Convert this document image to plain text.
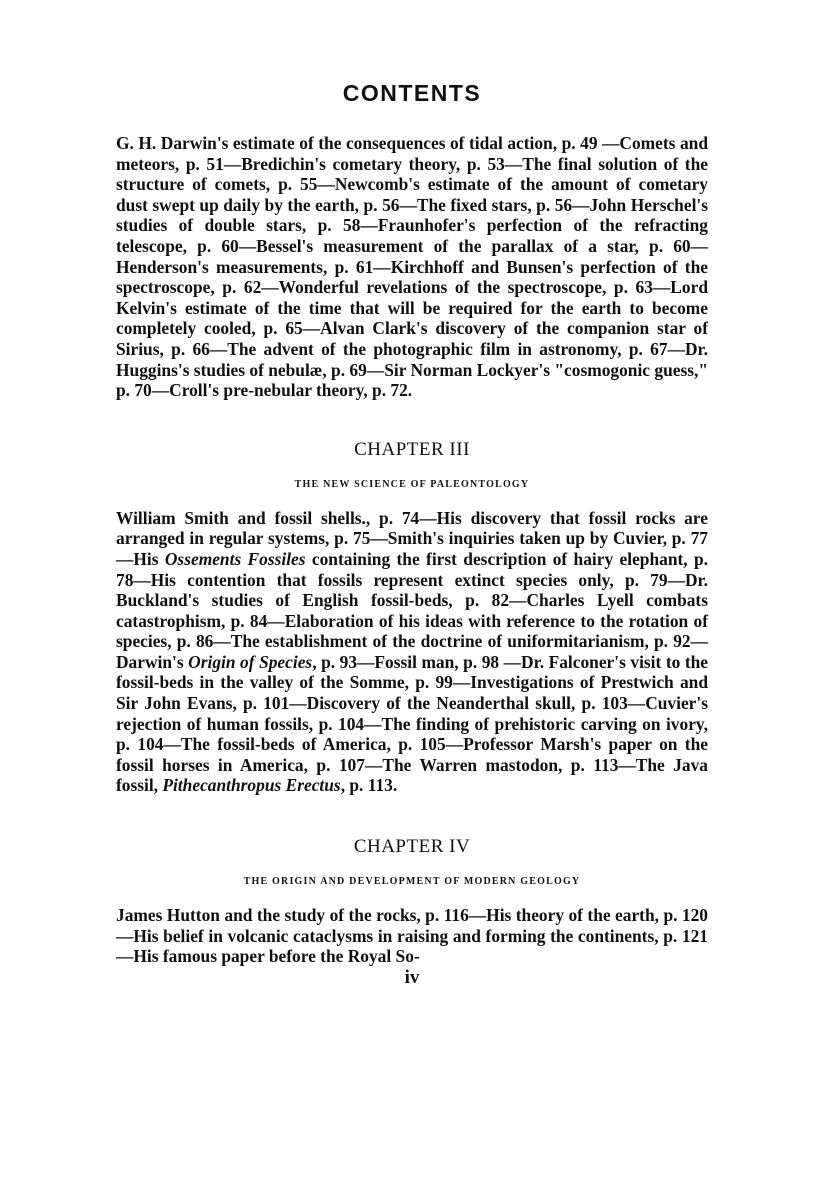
CONTENTS

G. H. Darwin's estimate of the consequences of tidal action, p. 49 —Comets and meteors, p. 51—Bredichin's cometary theory, p. 53—The final solution of the structure of comets, p. 55—Newcomb's estimate of the amount of cometary dust swept up daily by the earth, p. 56—The fixed stars, p. 56—John Herschel's studies of double stars, p. 58—Fraunhofer's perfection of the refracting telescope, p. 60—Bessel's measurement of the parallax of a star, p. 60—Henderson's measurements, p. 61—Kirchhoff and Bunsen's perfection of the spectroscope, p. 62—Wonderful revelations of the spectroscope, p. 63—Lord Kelvin's estimate of the time that will be required for the earth to become completely cooled, p. 65—Alvan Clark's discovery of the companion star of Sirius, p. 66—The advent of the photographic film in astronomy, p. 67—Dr. Huggins's studies of nebulæ, p. 69—Sir Norman Lockyer's "cosmogonic guess," p. 70—Croll's pre-nebular theory, p. 72.

CHAPTER III
THE NEW SCIENCE OF PALEONTOLOGY

William Smith and fossil shells., p. 74—His discovery that fossil rocks are arranged in regular systems, p. 75—Smith's inquiries taken up by Cuvier, p. 77—His Ossements Fossiles containing the first description of hairy elephant, p. 78—His contention that fossils represent extinct species only, p. 79—Dr. Buckland's studies of English fossil-beds, p. 82—Charles Lyell combats catastrophism, p. 84—Elaboration of his ideas with reference to the rotation of species, p. 86—The establishment of the doctrine of uniformitarianism, p. 92—Darwin's Origin of Species, p. 93—Fossil man, p. 98 —Dr. Falconer's visit to the fossil-beds in the valley of the Somme, p. 99—Investigations of Prestwich and Sir John Evans, p. 101—Discovery of the Neanderthal skull, p. 103—Cuvier's rejection of human fossils, p. 104—The finding of prehistoric carving on ivory, p. 104—The fossil-beds of America, p. 105—Professor Marsh's paper on the fossil horses in America, p. 107—The Warren mastodon, p. 113—The Java fossil, Pithecanthropus Erectus, p. 113.

CHAPTER IV
THE ORIGIN AND DEVELOPMENT OF MODERN GEOLOGY

James Hutton and the study of the rocks, p. 116—His theory of the earth, p. 120—His belief in volcanic cataclysms in raising and forming the continents, p. 121—His famous paper before the Royal So-

iv
